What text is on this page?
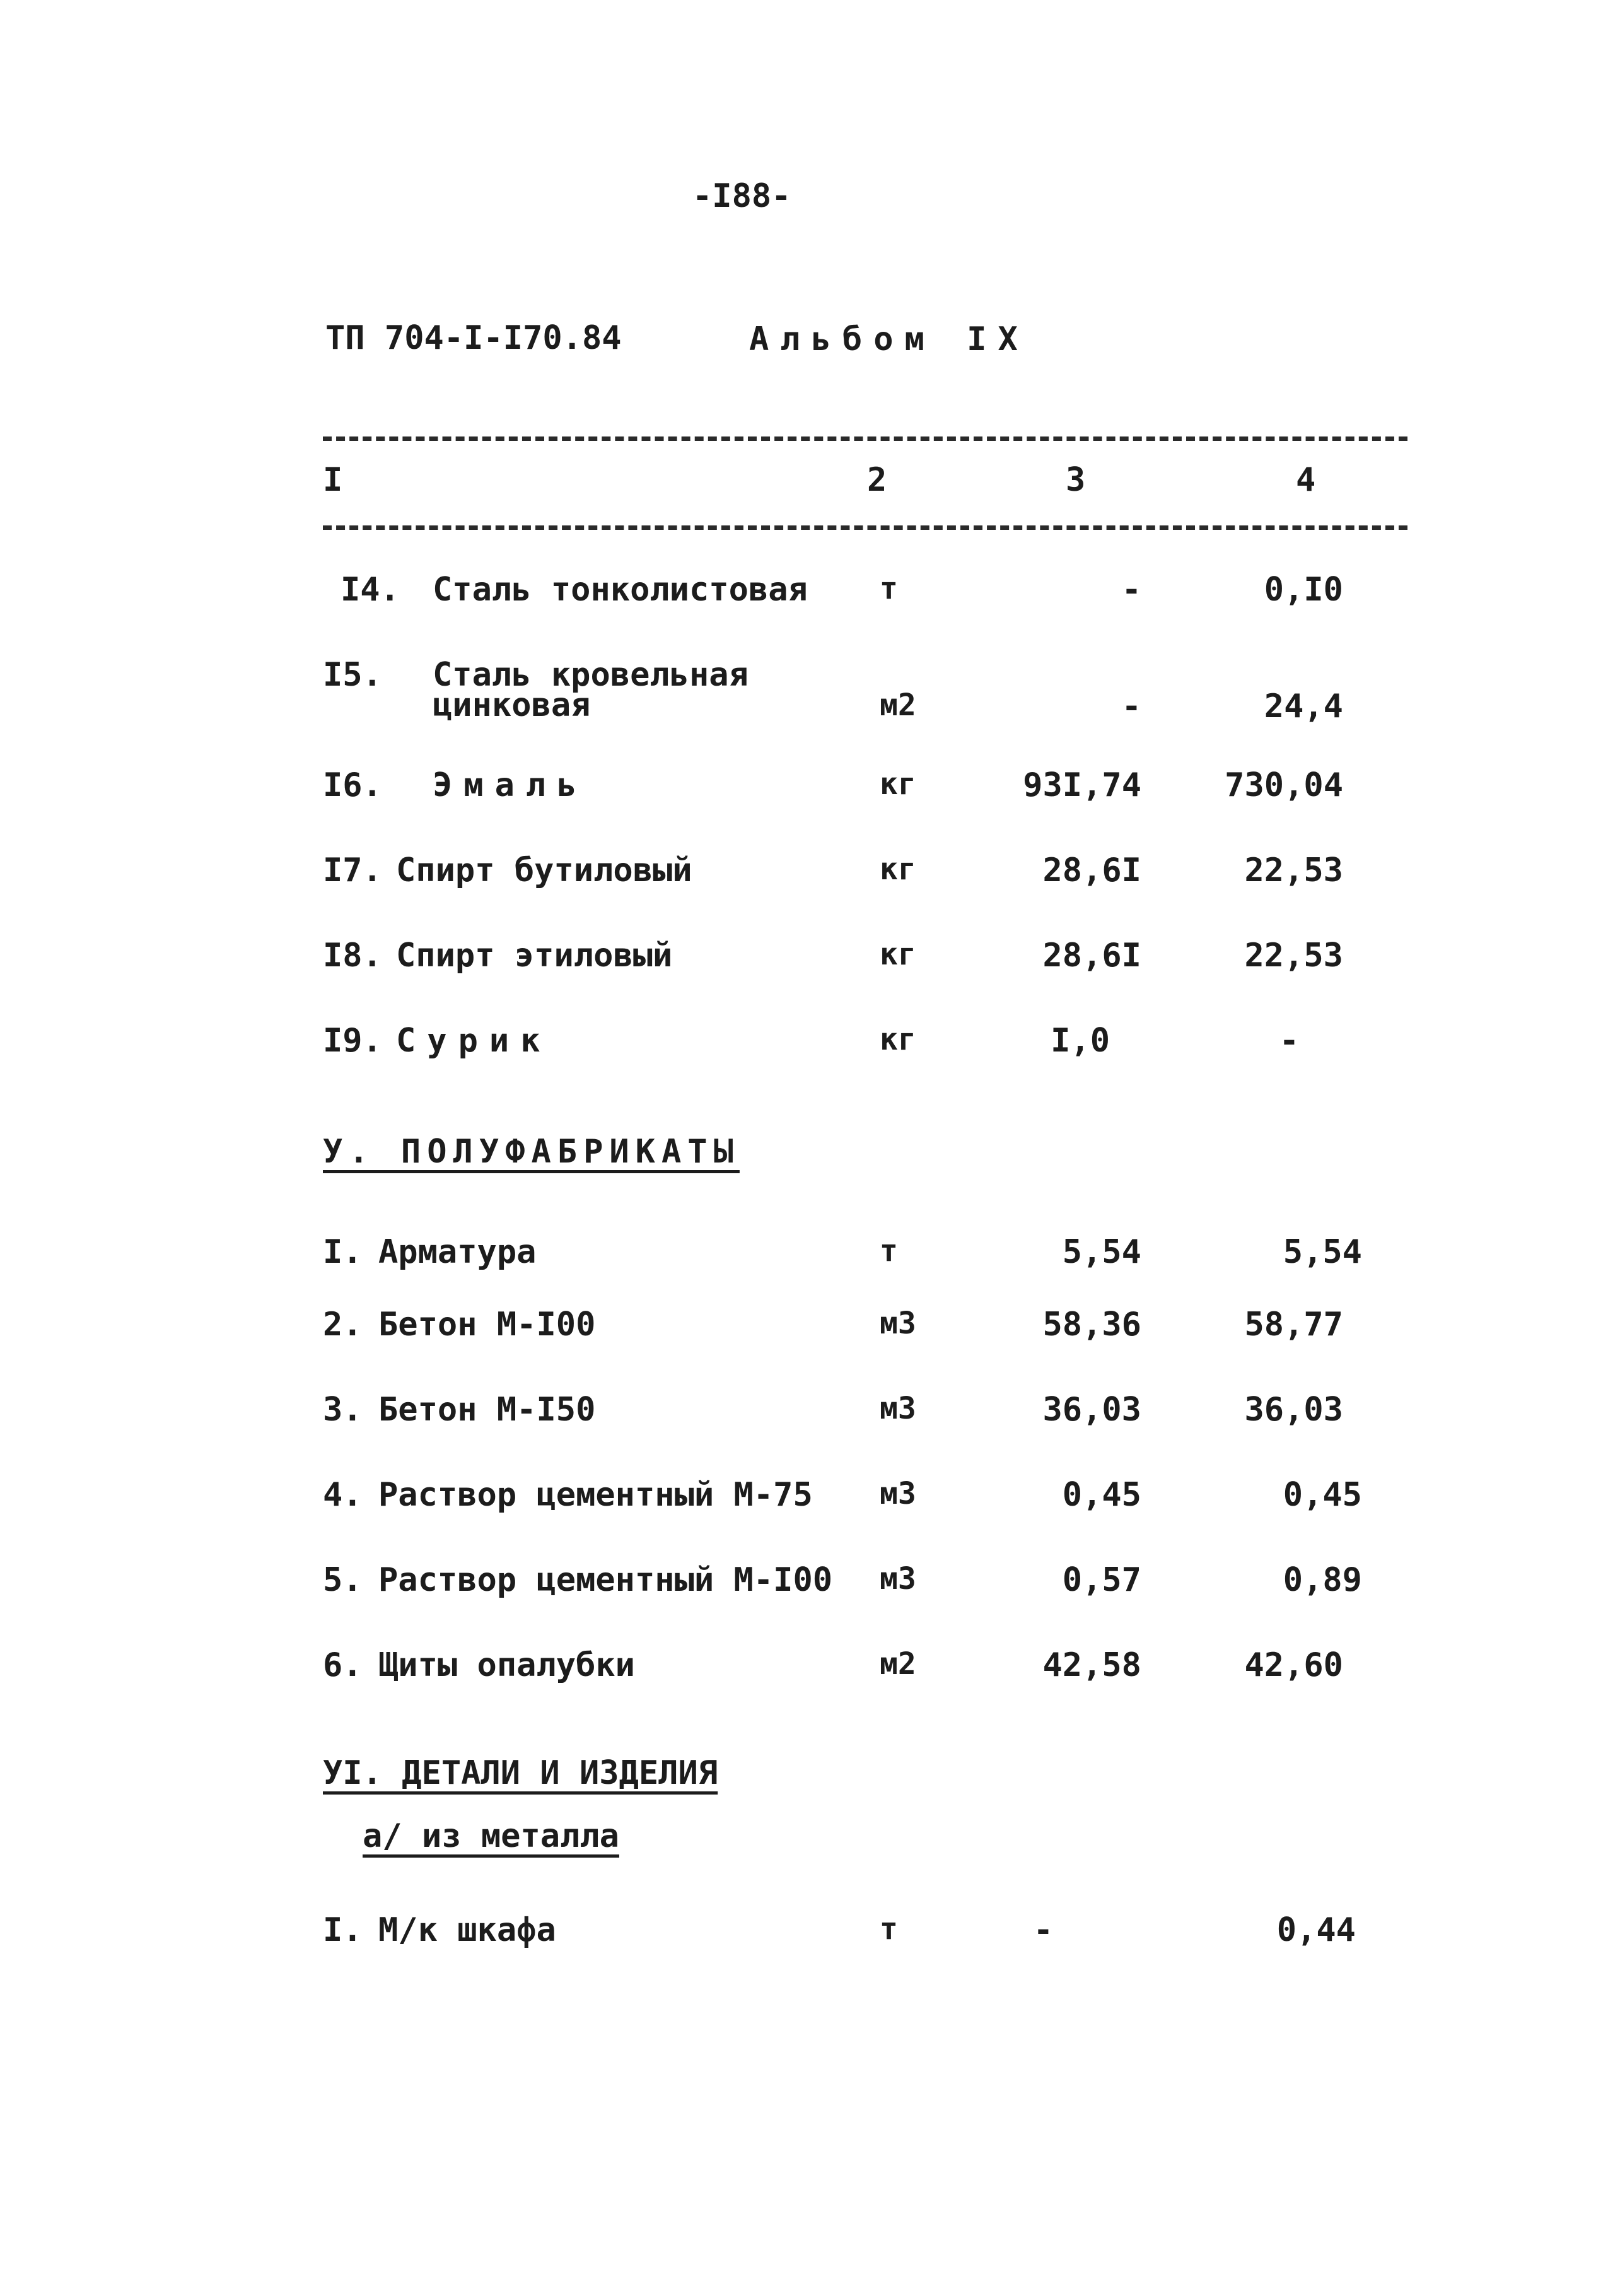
-I88-
ТП 704-I-I70.84	Альбом IX
I	2	3	4
I4. Сталь тонколистовая т	-	0,I0
I5. Сталь кровельная
цинковая	м2	-	24,4
I6. Эмаль	кг	93I,74	730,04
I7. Спирт бутиловый	кг	28,6I	22,53
I8. Спирт этиловый	кг	28,6I	22,53
I9. Сурик	кг	I,0	-
У. ПОЛУФАБРИКАТЫ
I. Арматура	т	5,54	5,54
2. Бетон М-I00	м3	58,36	58,77
3. Бетон М-I50	м3	36,03	36,03
4. Раствор цементный М-75 м3	0,45	0,45
5. Раствор цементный М-I00 м3	0,57	0,89
6. Щиты опалубки	м2	42,58	42,60
УI. ДЕТАЛИ И ИЗДЕЛИЯ
а/ из металла
I. М/к шкафа	т	-	0,44
